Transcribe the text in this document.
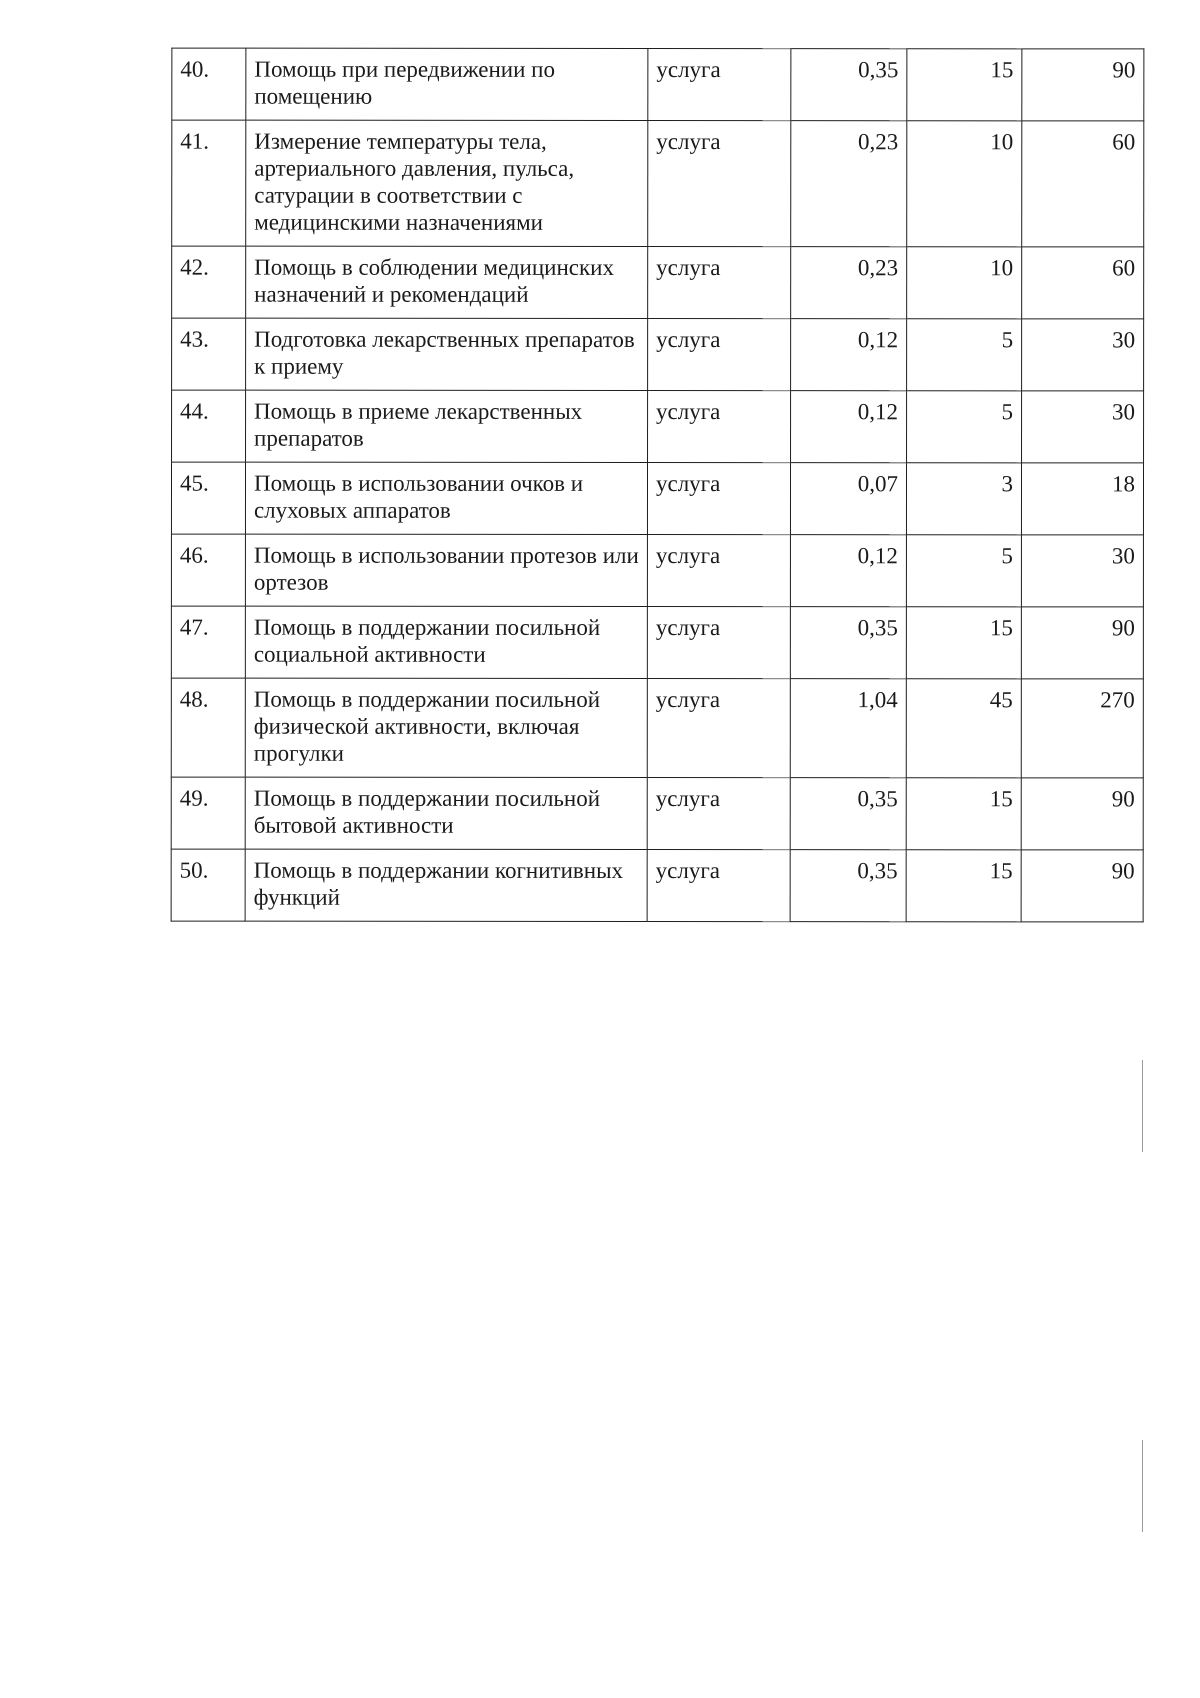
40.	Помощь при передвижении по помещению	услуга	0,35	15	90
41.	Измерение температуры тела, артериального давления, пульса, сатурации в соответствии с медицинскими назначениями	услуга	0,23	10	60
42.	Помощь в соблюдении медицинских назначений и рекомендаций	услуга	0,23	10	60
43.	Подготовка лекарственных препаратов к приему	услуга	0,12	5	30
44.	Помощь в приеме лекарственных препаратов	услуга	0,12	5	30
45.	Помощь в использовании очков и слуховых аппаратов	услуга	0,07	3	18
46.	Помощь в использовании протезов или ортезов	услуга	0,12	5	30
47.	Помощь в поддержании посильной социальной активности	услуга	0,35	15	90
48.	Помощь в поддержании посильной физической активности, включая прогулки	услуга	1,04	45	270
49.	Помощь в поддержании посильной бытовой активности	услуга	0,35	15	90
50.	Помощь в поддержании когнитивных функций	услуга	0,35	15	90
